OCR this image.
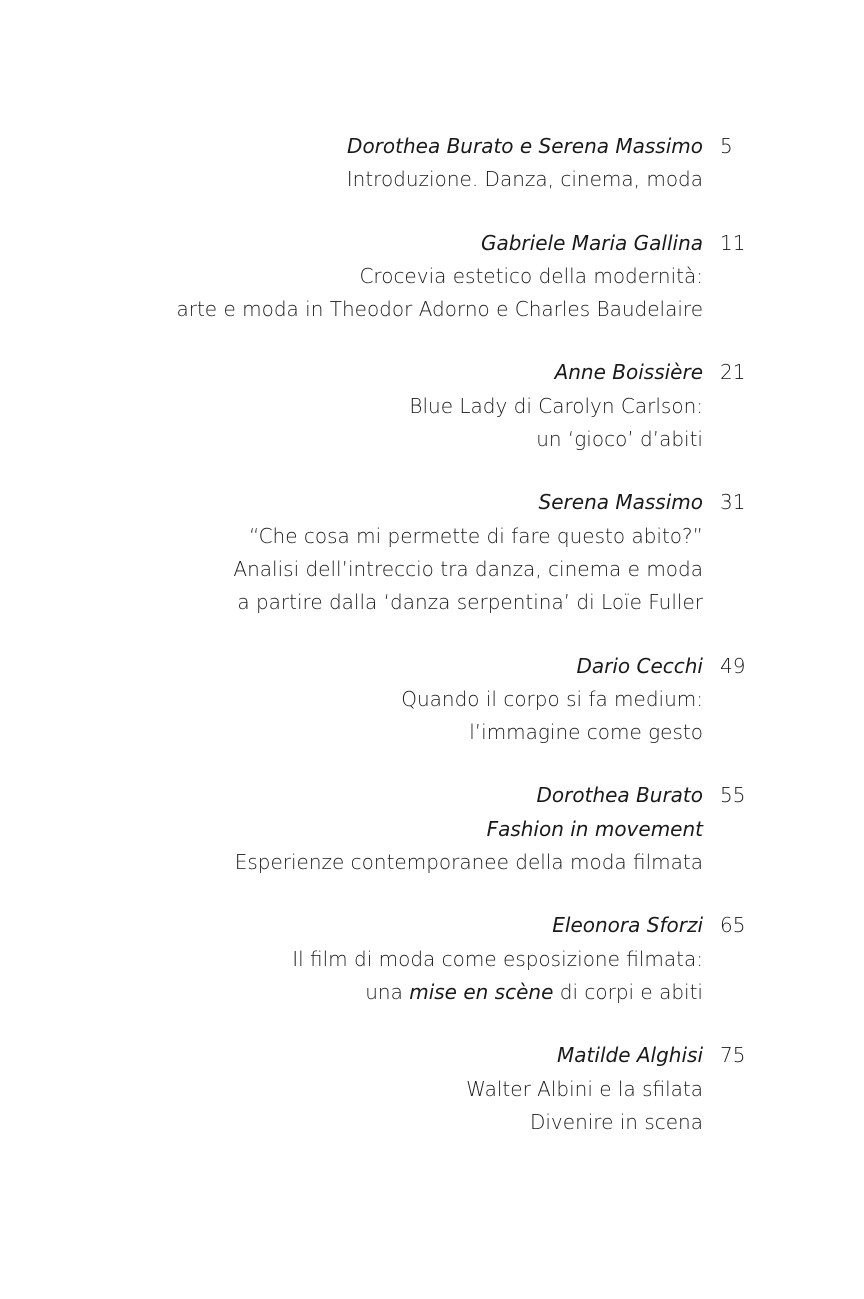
Dorothea Burato e Serena Massimo 5
Introduzione. Danza, cinema, moda
Gabriele Maria Gallina 11
Crocevia estetico della modernità:
arte e moda in Theodor Adorno e Charles Baudelaire
Anne Boissière 21
Blue Lady di Carolyn Carlson:
un ‘gioco’ d’abiti
Serena Massimo 31
“Che cosa mi permette di fare questo abito?”
Analisi dell’intreccio tra danza, cinema e moda
a partire dalla ‘danza serpentina’ di Loïe Fuller
Dario Cecchi 49
Quando il corpo si fa medium:
l’immagine come gesto
Dorothea Burato 55
Fashion in movement
Esperienze contemporanee della moda filmata
Eleonora Sforzi 65
Il film di moda come esposizione filmata:
una mise en scène di corpi e abiti
Matilde Alghisi 75
Walter Albini e la sfilata
Divenire in scena
